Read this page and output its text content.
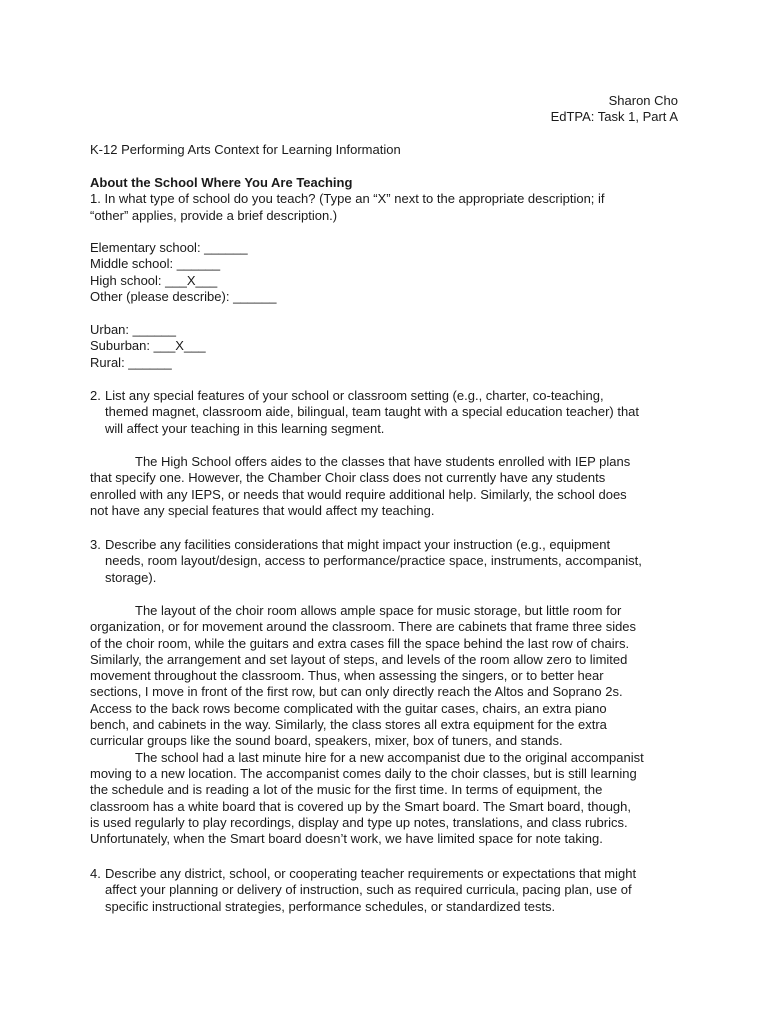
Sharon Cho
EdTPA: Task 1, Part A
K-12 Performing Arts Context for Learning Information
About the School Where You Are Teaching
1. In what type of school do you teach? (Type an “X” next to the appropriate description; if
“other” applies, provide a brief description.)
Elementary school: ______
Middle school: ______
High school: ___X___
Other (please describe): ______
Urban: ______
Suburban: ___X___
Rural: ______
2. List any special features of your school or classroom setting (e.g., charter, co-teaching,
themed magnet, classroom aide, bilingual, team taught with a special education teacher) that
will affect your teaching in this learning segment.
The High School offers aides to the classes that have students enrolled with IEP plans
that specify one. However, the Chamber Choir class does not currently have any students
enrolled with any IEPS, or needs that would require additional help. Similarly, the school does
not have any special features that would affect my teaching.
3. Describe any facilities considerations that might impact your instruction (e.g., equipment
needs, room layout/design, access to performance/practice space, instruments, accompanist,
storage).
The layout of the choir room allows ample space for music storage, but little room for
organization, or for movement around the classroom. There are cabinets that frame three sides
of the choir room, while the guitars and extra cases fill the space behind the last row of chairs.
Similarly, the arrangement and set layout of steps, and levels of the room allow zero to limited
movement throughout the classroom. Thus, when assessing the singers, or to better hear
sections, I move in front of the first row, but can only directly reach the Altos and Soprano 2s.
Access to the back rows become complicated with the guitar cases, chairs, an extra piano
bench, and cabinets in the way. Similarly, the class stores all extra equipment for the extra
curricular groups like the sound board, speakers, mixer, box of tuners, and stands.
The school had a last minute hire for a new accompanist due to the original accompanist
moving to a new location. The accompanist comes daily to the choir classes, but is still learning
the schedule and is reading a lot of the music for the first time. In terms of equipment, the
classroom has a white board that is covered up by the Smart board. The Smart board, though,
is used regularly to play recordings, display and type up notes, translations, and class rubrics.
Unfortunately, when the Smart board doesn’t work, we have limited space for note taking.
4. Describe any district, school, or cooperating teacher requirements or expectations that might
affect your planning or delivery of instruction, such as required curricula, pacing plan, use of
specific instructional strategies, performance schedules, or standardized tests.
